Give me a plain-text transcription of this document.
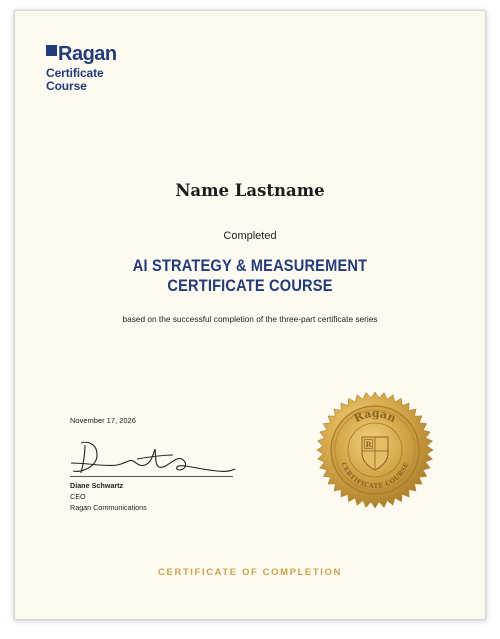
Ragan
Certificate
Course
Name Lastname
Completed
AI STRATEGY & MEASUREMENT
CERTIFICATE COURSE
based on the successful completion of the three-part certificate series
November 17, 2026
Diane Schwartz
CEO
Ragan Communications
Ragan
CERTIFICATE COURSE
R
CERTIFICATE OF COMPLETION
